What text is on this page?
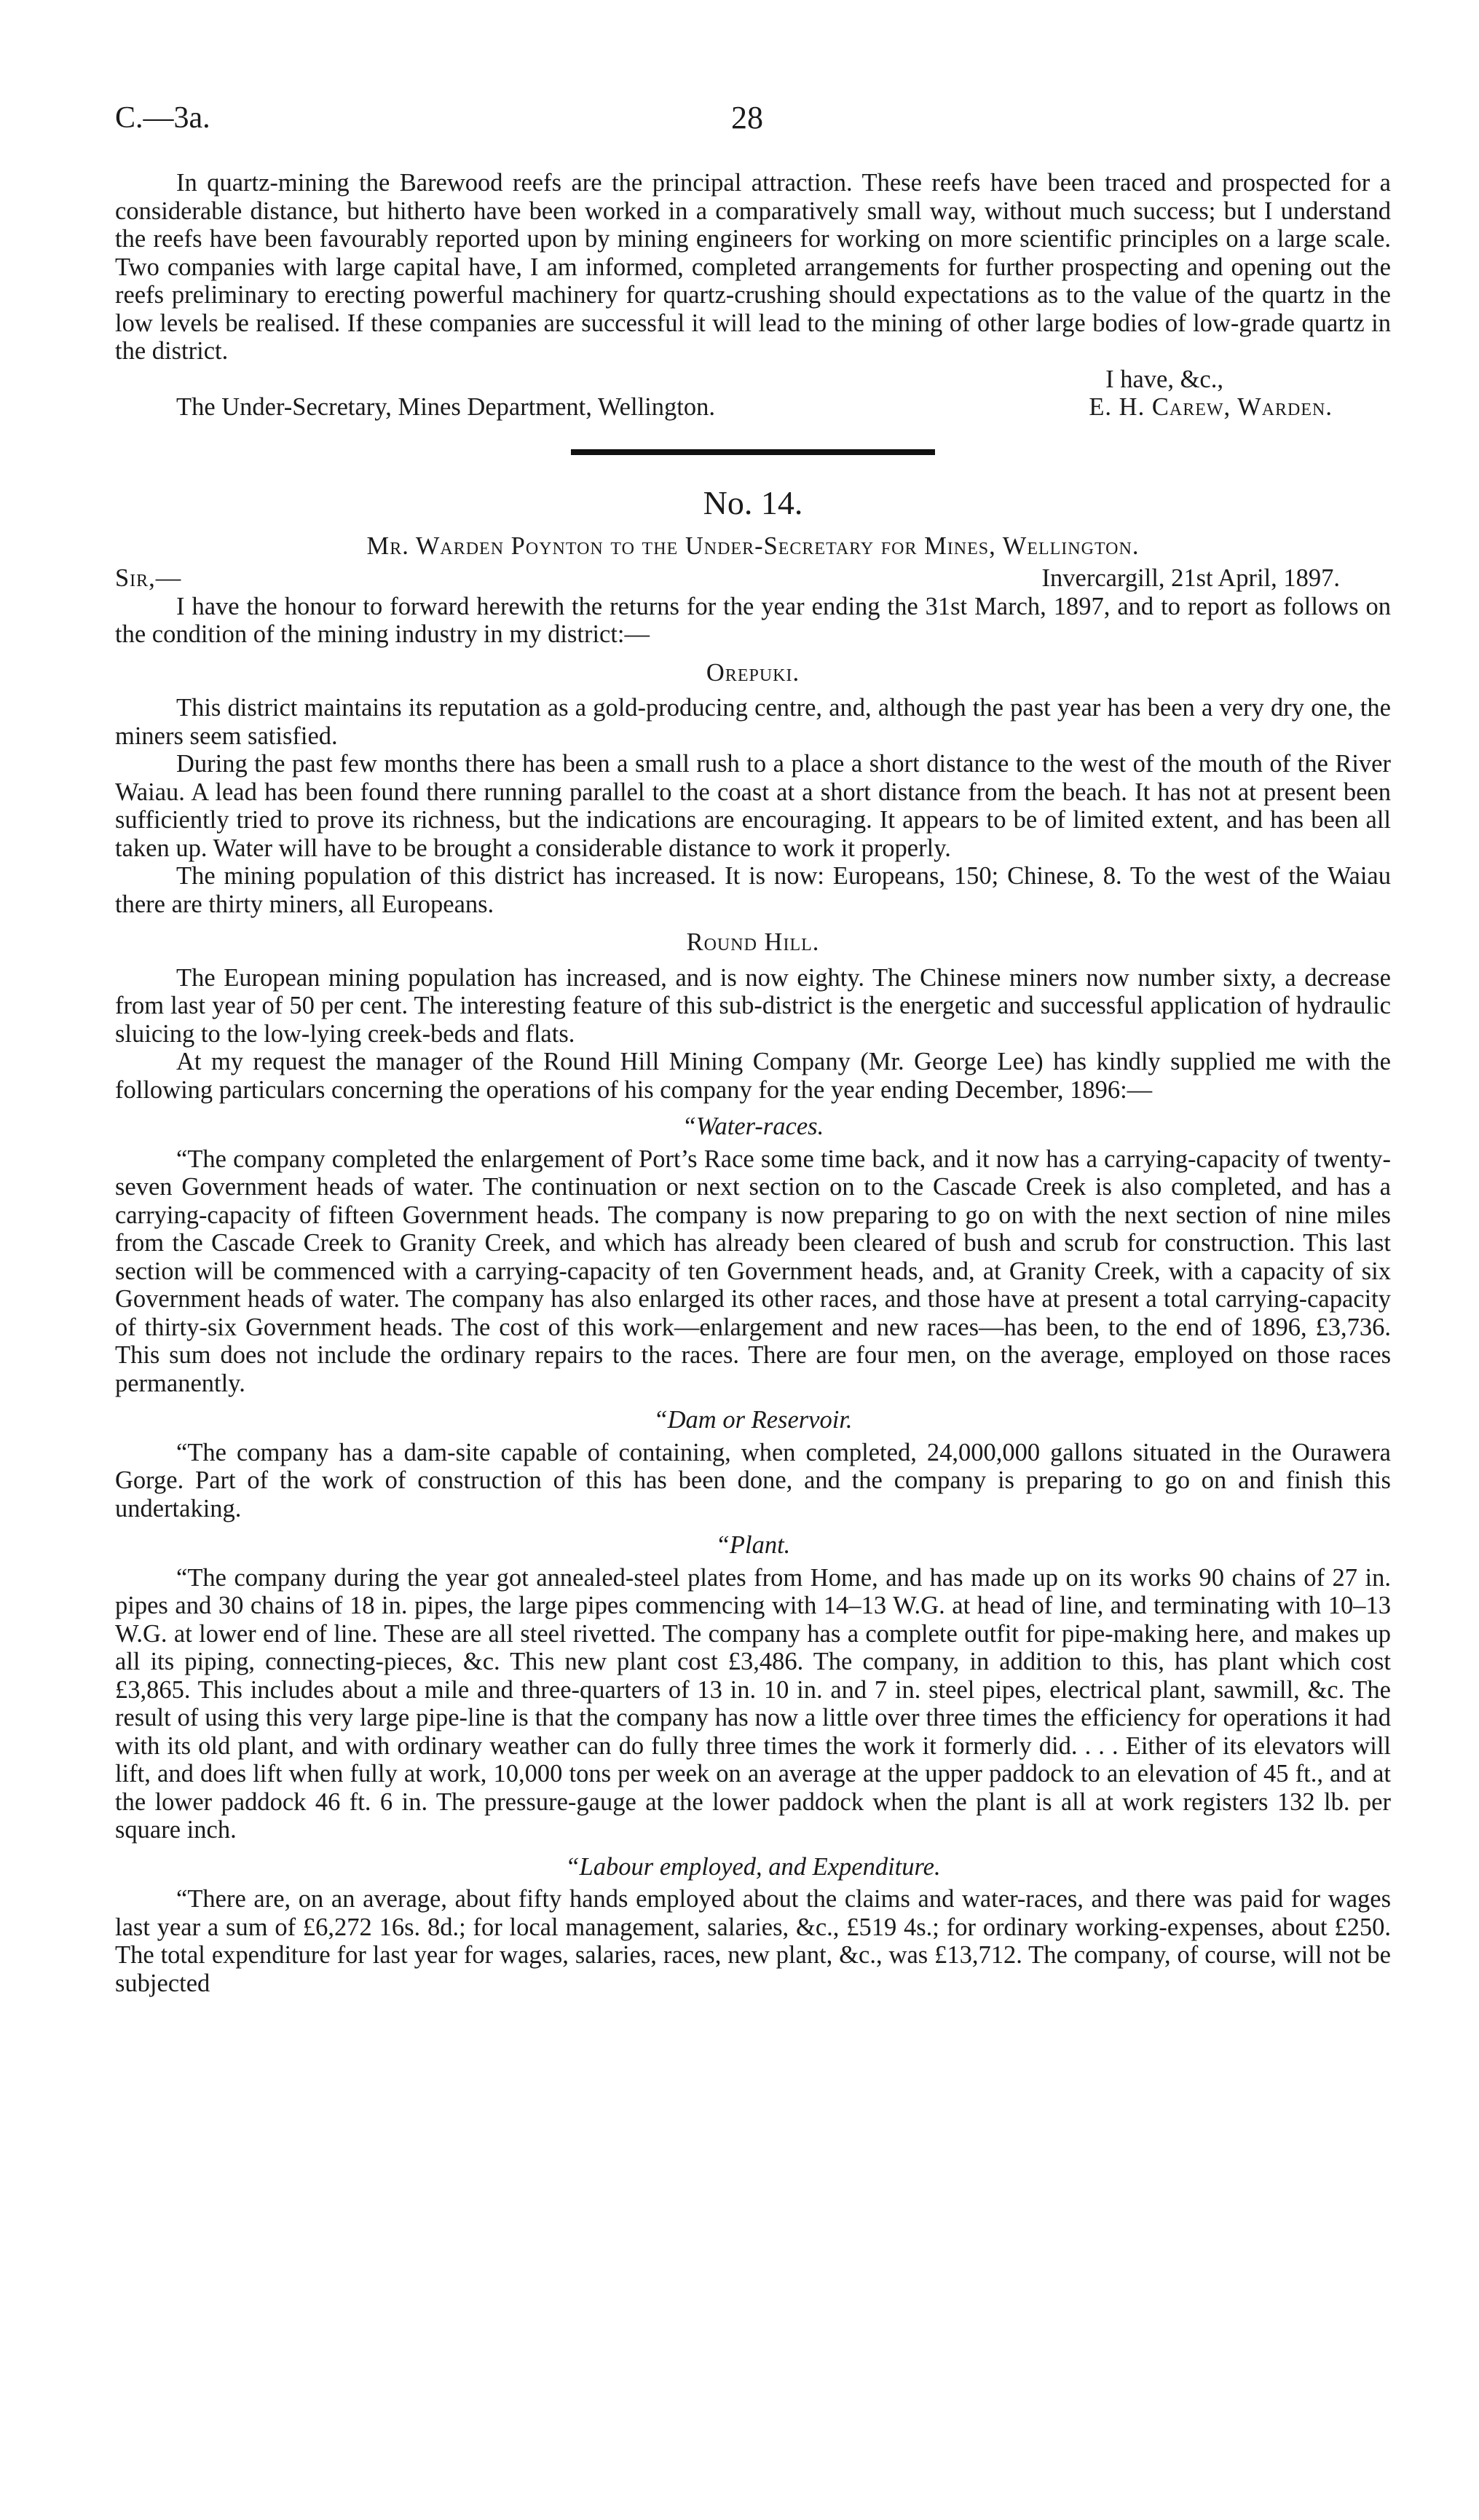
C.—3a.	28

In quartz-mining the Barewood reefs are the principal attraction. These reefs have been traced and prospected for a considerable distance, but hitherto have been worked in a comparatively small way, without much success; but I understand the reefs have been favourably reported upon by mining engineers for working on more scientific principles on a large scale. Two companies with large capital have, I am informed, completed arrangements for further prospecting and opening out the reefs preliminary to erecting powerful machinery for quartz-crushing should expectations as to the value of the quartz in the low levels be realised. If these companies are successful it will lead to the mining of other large bodies of low-grade quartz in the district.

I have, &c.,
The Under-Secretary, Mines Department, Wellington.	E. H. Carew, Warden.
No. 14.
Mr. Warden Poynton to the Under-Secretary for Mines, Wellington.
Sir,—	Invercargill, 21st April, 1897.

I have the honour to forward herewith the returns for the year ending the 31st March, 1897, and to report as follows on the condition of the mining industry in my district:—

Orepuki.

This district maintains its reputation as a gold-producing centre, and, although the past year has been a very dry one, the miners seem satisfied.

During the past few months there has been a small rush to a place a short distance to the west of the mouth of the River Waiau. A lead has been found there running parallel to the coast at a short distance from the beach. It has not at present been sufficiently tried to prove its richness, but the indications are encouraging. It appears to be of limited extent, and has been all taken up. Water will have to be brought a considerable distance to work it properly.

The mining population of this district has increased. It is now: Europeans, 150; Chinese, 8. To the west of the Waiau there are thirty miners, all Europeans.

Round Hill.

The European mining population has increased, and is now eighty. The Chinese miners now number sixty, a decrease from last year of 50 per cent. The interesting feature of this sub-district is the energetic and successful application of hydraulic sluicing to the low-lying creek-beds and flats.

At my request the manager of the Round Hill Mining Company (Mr. George Lee) has kindly supplied me with the following particulars concerning the operations of his company for the year ending December, 1896:—

“Water-races.

“The company completed the enlargement of Port’s Race some time back, and it now has a carrying-capacity of twenty-seven Government heads of water. The continuation or next section on to the Cascade Creek is also completed, and has a carrying-capacity of fifteen Government heads. The company is now preparing to go on with the next section of nine miles from the Cascade Creek to Granity Creek, and which has already been cleared of bush and scrub for construction. This last section will be commenced with a carrying-capacity of ten Government heads, and, at Granity Creek, with a capacity of six Government heads of water. The company has also enlarged its other races, and those have at present a total carrying-capacity of thirty-six Government heads. The cost of this work—enlargement and new races—has been, to the end of 1896, £3,736. This sum does not include the ordinary repairs to the races. There are four men, on the average, employed on those races permanently.

“Dam or Reservoir.

“The company has a dam-site capable of containing, when completed, 24,000,000 gallons situated in the Ourawera Gorge. Part of the work of construction of this has been done, and the company is preparing to go on and finish this undertaking.

“Plant.

“The company during the year got annealed-steel plates from Home, and has made up on its works 90 chains of 27 in. pipes and 30 chains of 18 in. pipes, the large pipes commencing with 14–13 W.G. at head of line, and terminating with 10–13 W.G. at lower end of line. These are all steel rivetted. The company has a complete outfit for pipe-making here, and makes up all its piping, connecting-pieces, &c. This new plant cost £3,486. The company, in addition to this, has plant which cost £3,865. This includes about a mile and three-quarters of 13 in. 10 in. and 7 in. steel pipes, electrical plant, sawmill, &c. The result of using this very large pipe-line is that the company has now a little over three times the efficiency for operations it had with its old plant, and with ordinary weather can do fully three times the work it formerly did. . . . Either of its elevators will lift, and does lift when fully at work, 10,000 tons per week on an average at the upper paddock to an elevation of 45 ft., and at the lower paddock 46 ft. 6 in. The pressure-gauge at the lower paddock when the plant is all at work registers 132 lb. per square inch.

“Labour employed, and Expenditure.

“There are, on an average, about fifty hands employed about the claims and water-races, and there was paid for wages last year a sum of £6,272 16s. 8d.; for local management, salaries, &c., £519 4s.; for ordinary working-expenses, about £250. The total expenditure for last year for wages, salaries, races, new plant, &c., was £13,712. The company, of course, will not be subjected
